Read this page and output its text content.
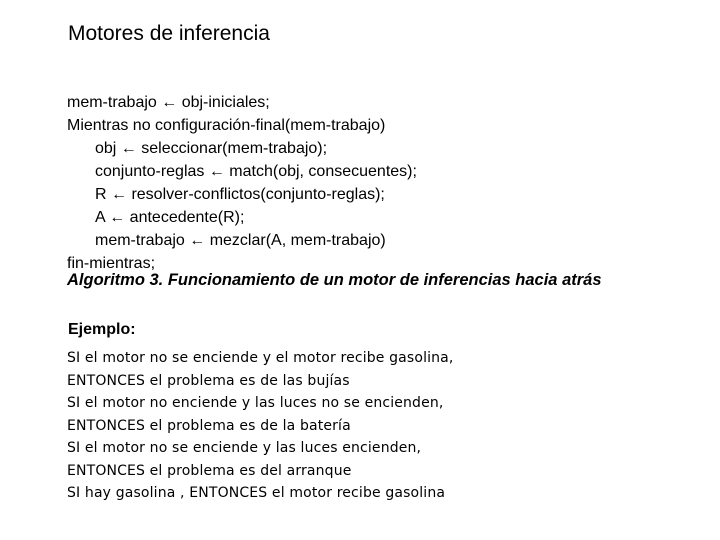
Motores de inferencia
mem-trabajo ← obj-iniciales;
Mientras no configuración-final(mem-trabajo)
obj ← seleccionar(mem-trabajo);
conjunto-reglas ← match(obj, consecuentes);
R ← resolver-conflictos(conjunto-reglas);
A ← antecedente(R);
mem-trabajo ← mezclar(A, mem-trabajo)
fin-mientras;
Algoritmo 3. Funcionamiento de un motor de inferencias hacia atrás
Ejemplo:
SI el motor no se enciende y el motor recibe gasolina,
ENTONCES el problema es de las bujías
SI el motor no enciende y las luces no se encienden,
ENTONCES el problema es de la batería
SI el motor no se enciende y las luces encienden,
ENTONCES el problema es del arranque
SI hay gasolina , ENTONCES el motor recibe gasolina
